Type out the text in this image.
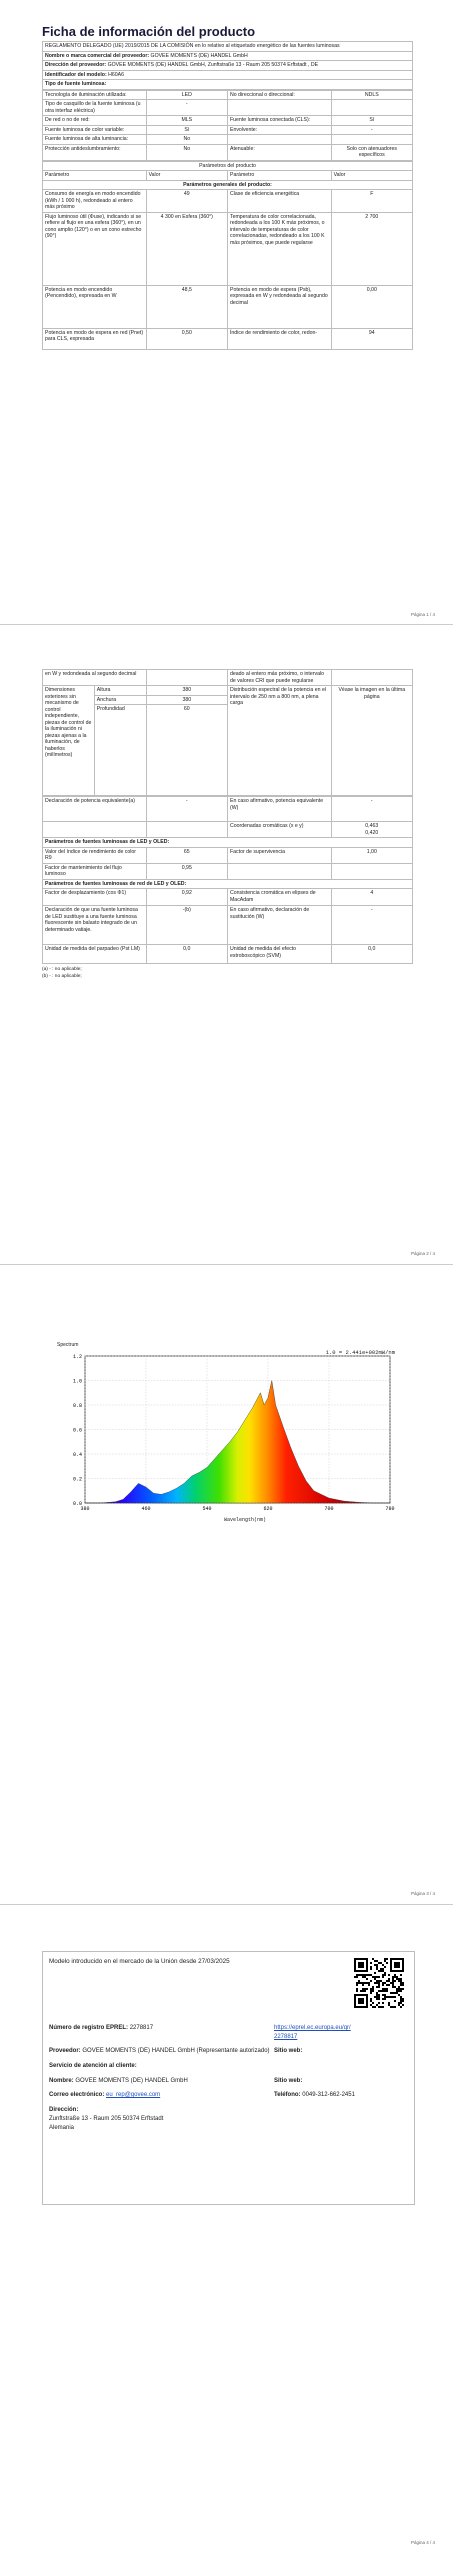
Ficha de información del producto
REGLAMENTO DELEGADO (UE) 2019/2015 DE LA COMISIÓN en lo relativo al etiquetado energético de las fuentes luminosas
Nombre o marca comercial del proveedor: GOVEE MOMENTS (DE) HANDEL GmbH
Dirección del proveedor: GOVEE MOMENTS (DE) HANDEL GmbH, Zunftstraße 13 - Raum 205 50374 Erftstadt , DE
Identificador del modelo: H60A6
Tipo de fuente luminosa:
Tecnología de iluminación utilizada:	LED	No direccional o direccional:	NDLS
Tipo de casquillo de la fuente luminosa (u otra interfaz eléctrica)	-		
De red o no de red:	MLS	Fuente luminosa conectada (CLS):	Sí
Fuente luminosa de color variable:	Sí	Envolvente:	-
Fuente luminosa de alta luminancia:	No		
Protección antideslumbramiento:	No	Atenuable:	Solo con atenuadores específicos
Parámetros del producto			
Parámetro	Valor	Parámetro	Valor
Parámetros generales del producto:			
Consumo de energía en modo encendido (kWh / 1 000 h), redondeado al entero más próximo	49	Clase de eficiencia energética	F
Flujo luminoso útil (Φuse), indicando si se refiere al flujo en una esfera (360°), en un cono amplio (120°) o en un cono estrecho (90°)	4 300 en Esfera (360°)	Temperatura de color correlacionada, redondeada a los 100 K más próximos, o intervalo de temperaturas de color correlacionadas, redondeado a los 100 K más próximos, que puede regularse	2 700
Potencia en modo encendido (Pencendido), expresada en W	48,5	Potencia en modo de espera (Psb), expresada en W y redondeada al segundo decimal	0,00
Potencia en modo de espera en red (Pnet) para CLS, expresada	0,50	Índice de rendimiento de color, redon-	94
Página 1 / 4
en W y redondeada al segundo decimal			deado al entero más próximo, o intervalo de valores CRI que puede regularse	
Dimensiones exteriores sin mecanismo de control independiente, piezas de control de la iluminación ni piezas ajenas a la iluminación, de haberlos (milímetros)	Altura	380	Distribución espectral de la potencia en el intervalo de 250 nm a 800 nm, a plena carga	Véase la imagen en la última página
	Anchura	380		
	Profundidad	60		
Declaración de potencia equivalente(a)	-	En caso afirmativo, potencia equivalente (W)	-
		Coordenadas cromáticas (x e y)	0,463
0,420
Parámetros de fuentes luminosas de LED y OLED:			
Valor del índice de rendimiento de color R9	65	Factor de supervivencia	1,00
Factor de mantenimiento del flujo luminoso	0,95		
Parámetros de fuentes luminosas de red de LED y OLED:			
Factor de desplazamiento (cos Φ1)	0,92	Consistencia cromática en elipses de MacAdam	4
Declaración de que una fuente luminosa de LED sustituye a una fuente luminosa fluorescente sin balasto integrado de un determinado vatiaje.	-(b)	En caso afirmativo, declaración de sustitución (W)	-
Unidad de medida del parpadeo (Pst LM)	0,0	Unidad de medida del efecto estroboscópico (SVM)	0,0
(a) - : no aplicable;
(b) - : no aplicable;
Página 2 / 4
Página 3 / 4
380	460	540	620	700	780
0.0
0.2
0.4
0.6
0.8
1.0
1.2
Spectrum
1.0 = 2.441e+002mW/nm
Wavelength(nm)
Modelo introducido en el mercado de la Unión desde 27/03/2025
Número de registro EPREL: 2278817	https://eprel.ec.europa.eu/qr/2278817
Proveedor: GOVEE MOMENTS (DE) HANDEL GmbH (Representante autorizado) Sitio web:
Servicio de atención al cliente:
Nombre: GOVEE MOMENTS (DE) HANDEL GmbH	Sitio web:
Correo electrónico: eu_rep@govee.com	Teléfono: 0049-312-662-2451
Dirección:
Zunftstraße 13 - Raum 205 50374 Erftstadt
Alemania
Página 4 / 4
